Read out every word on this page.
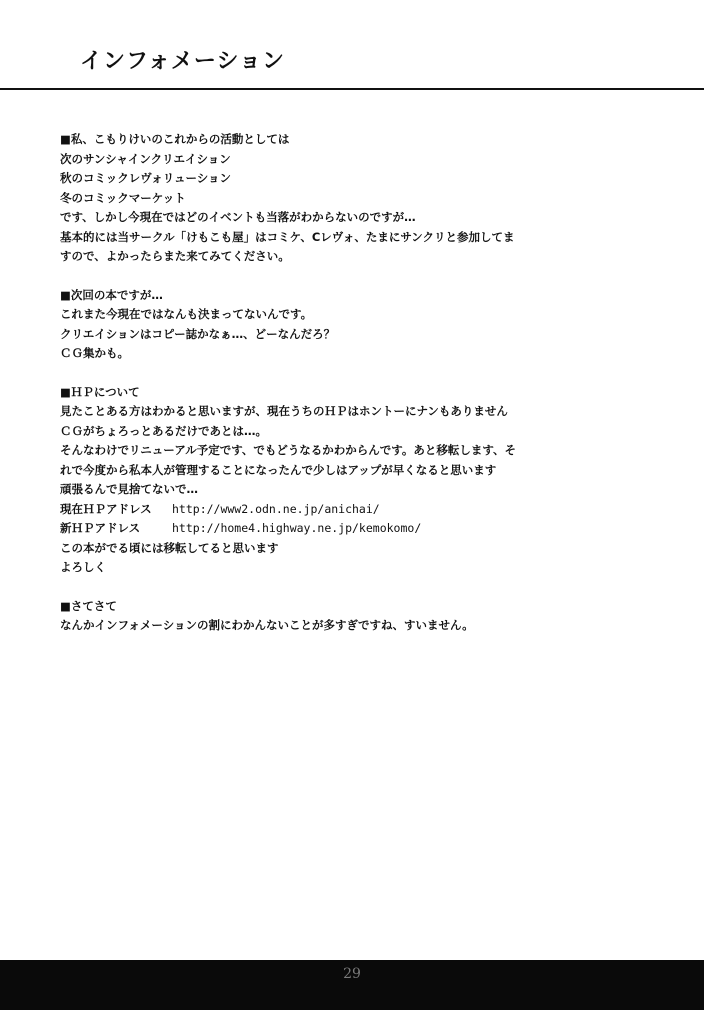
インフォメーション
■私、こもりけいのこれからの活動としては
次のサンシャインクリエイション
秋のコミックレヴォリューション
冬のコミックマーケット
です、しかし今現在ではどのイベントも当落がわからないのですが…
基本的には当サークル「けもこも屋」はコミケ、Cレヴォ、たまにサンクリと参加してま
すので、よかったらまた来てみてください。
■次回の本ですが…
これまた今現在ではなんも決まってないんです。
クリエイションはコピー誌かなぁ…、どーなんだろ？
ＣＧ集かも。
■ＨＰについて
見たことある方はわかると思いますが、現在うちのＨＰはホントーにナンもありません
ＣＧがちょろっとあるだけであとは…。
そんなわけでリニューアル予定です、でもどうなるかわからんです。あと移転します、そ
れで今度から私本人が管理することになったんで少しはアップが早くなると思います
頑張るんで見捨てないで…
現在ＨＰアドレス	http://www2.odn.ne.jp/anichai/
新ＨＰアドレス	http://home4.highway.ne.jp/kemokomo/
この本がでる頃には移転してると思います
よろしく
■さてさて
なんかインフォメーションの割にわかんないことが多すぎですね、すいません。
29
